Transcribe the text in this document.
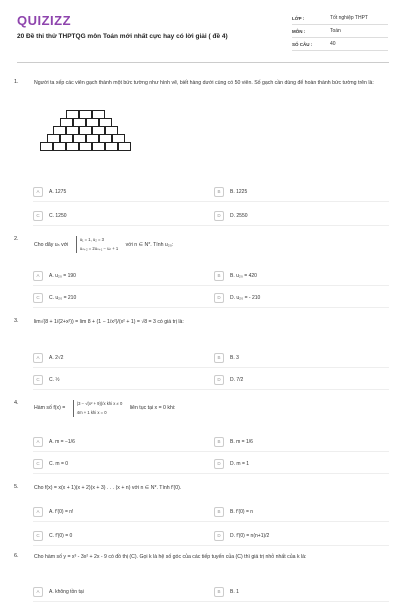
QUIZIZZ
20 Đề thi thử THPTQG môn Toán mới nhất cực hay có lời giải ( đề 4)
LỚP :	Tốt nghiệp THPT
MÔN :	Toán
SỐ CÂU :	40
1.	Người ta xếp các viên gạch thành một bức tường như hình vẽ, biết hàng dưới cùng có 50 viên. Số gạch cần dùng để hoàn thành bức tường trên là:
2.
Cho dãy uₙ với
u₁ = 1, u₂ = 3
uₙ₊₂ = 2uₙ₊₁ − uₙ + 1
với n ∈ N*. Tính u₂₀:
3.	lim√(8 + 1/(2+x²)) = lim 8 + (1 − 1/x²)/(x² + 1) = √8 = 3 có giá trị là:
4.
Hàm số f(x) =
(3 − √(x² + 9))/x khi x ≠ 0
4m + 1 khi x = 0
liên tục tại x = 0 khi:
5.	Cho f(x) = x(x + 1)(x + 2)(x + 3) . . . (x + n) với n ∈ N*. Tính f'(0).
6.	Cho hàm số y = x³ - 3x² + 2x - 9 có đồ thị (C). Gọi k là hệ số góc của các tiếp tuyến của (C) thì giá trị nhỏ nhất của k là:
A	A. 1275	B	B. 1225
C	C. 1250	D	D. 2550
A	A. u₂₀ = 190	B	B. u₂₀ = 420
C	C. u₂₀ = 210	D	D. u₂₀ = - 210
A	A. 2√2	B	B. 3
C	C. ½	D	D. 7/2
A	A. m = −1/6	B	B. m = 1/6
C	C. m = 0	D	D. m = 1
A	A. f'(0) = n!	B	B. f'(0) = n
C	C. f'(0) = 0	D	D. f'(0) = n(n+1)/2
A	A. không tồn tại	B	B. 1
